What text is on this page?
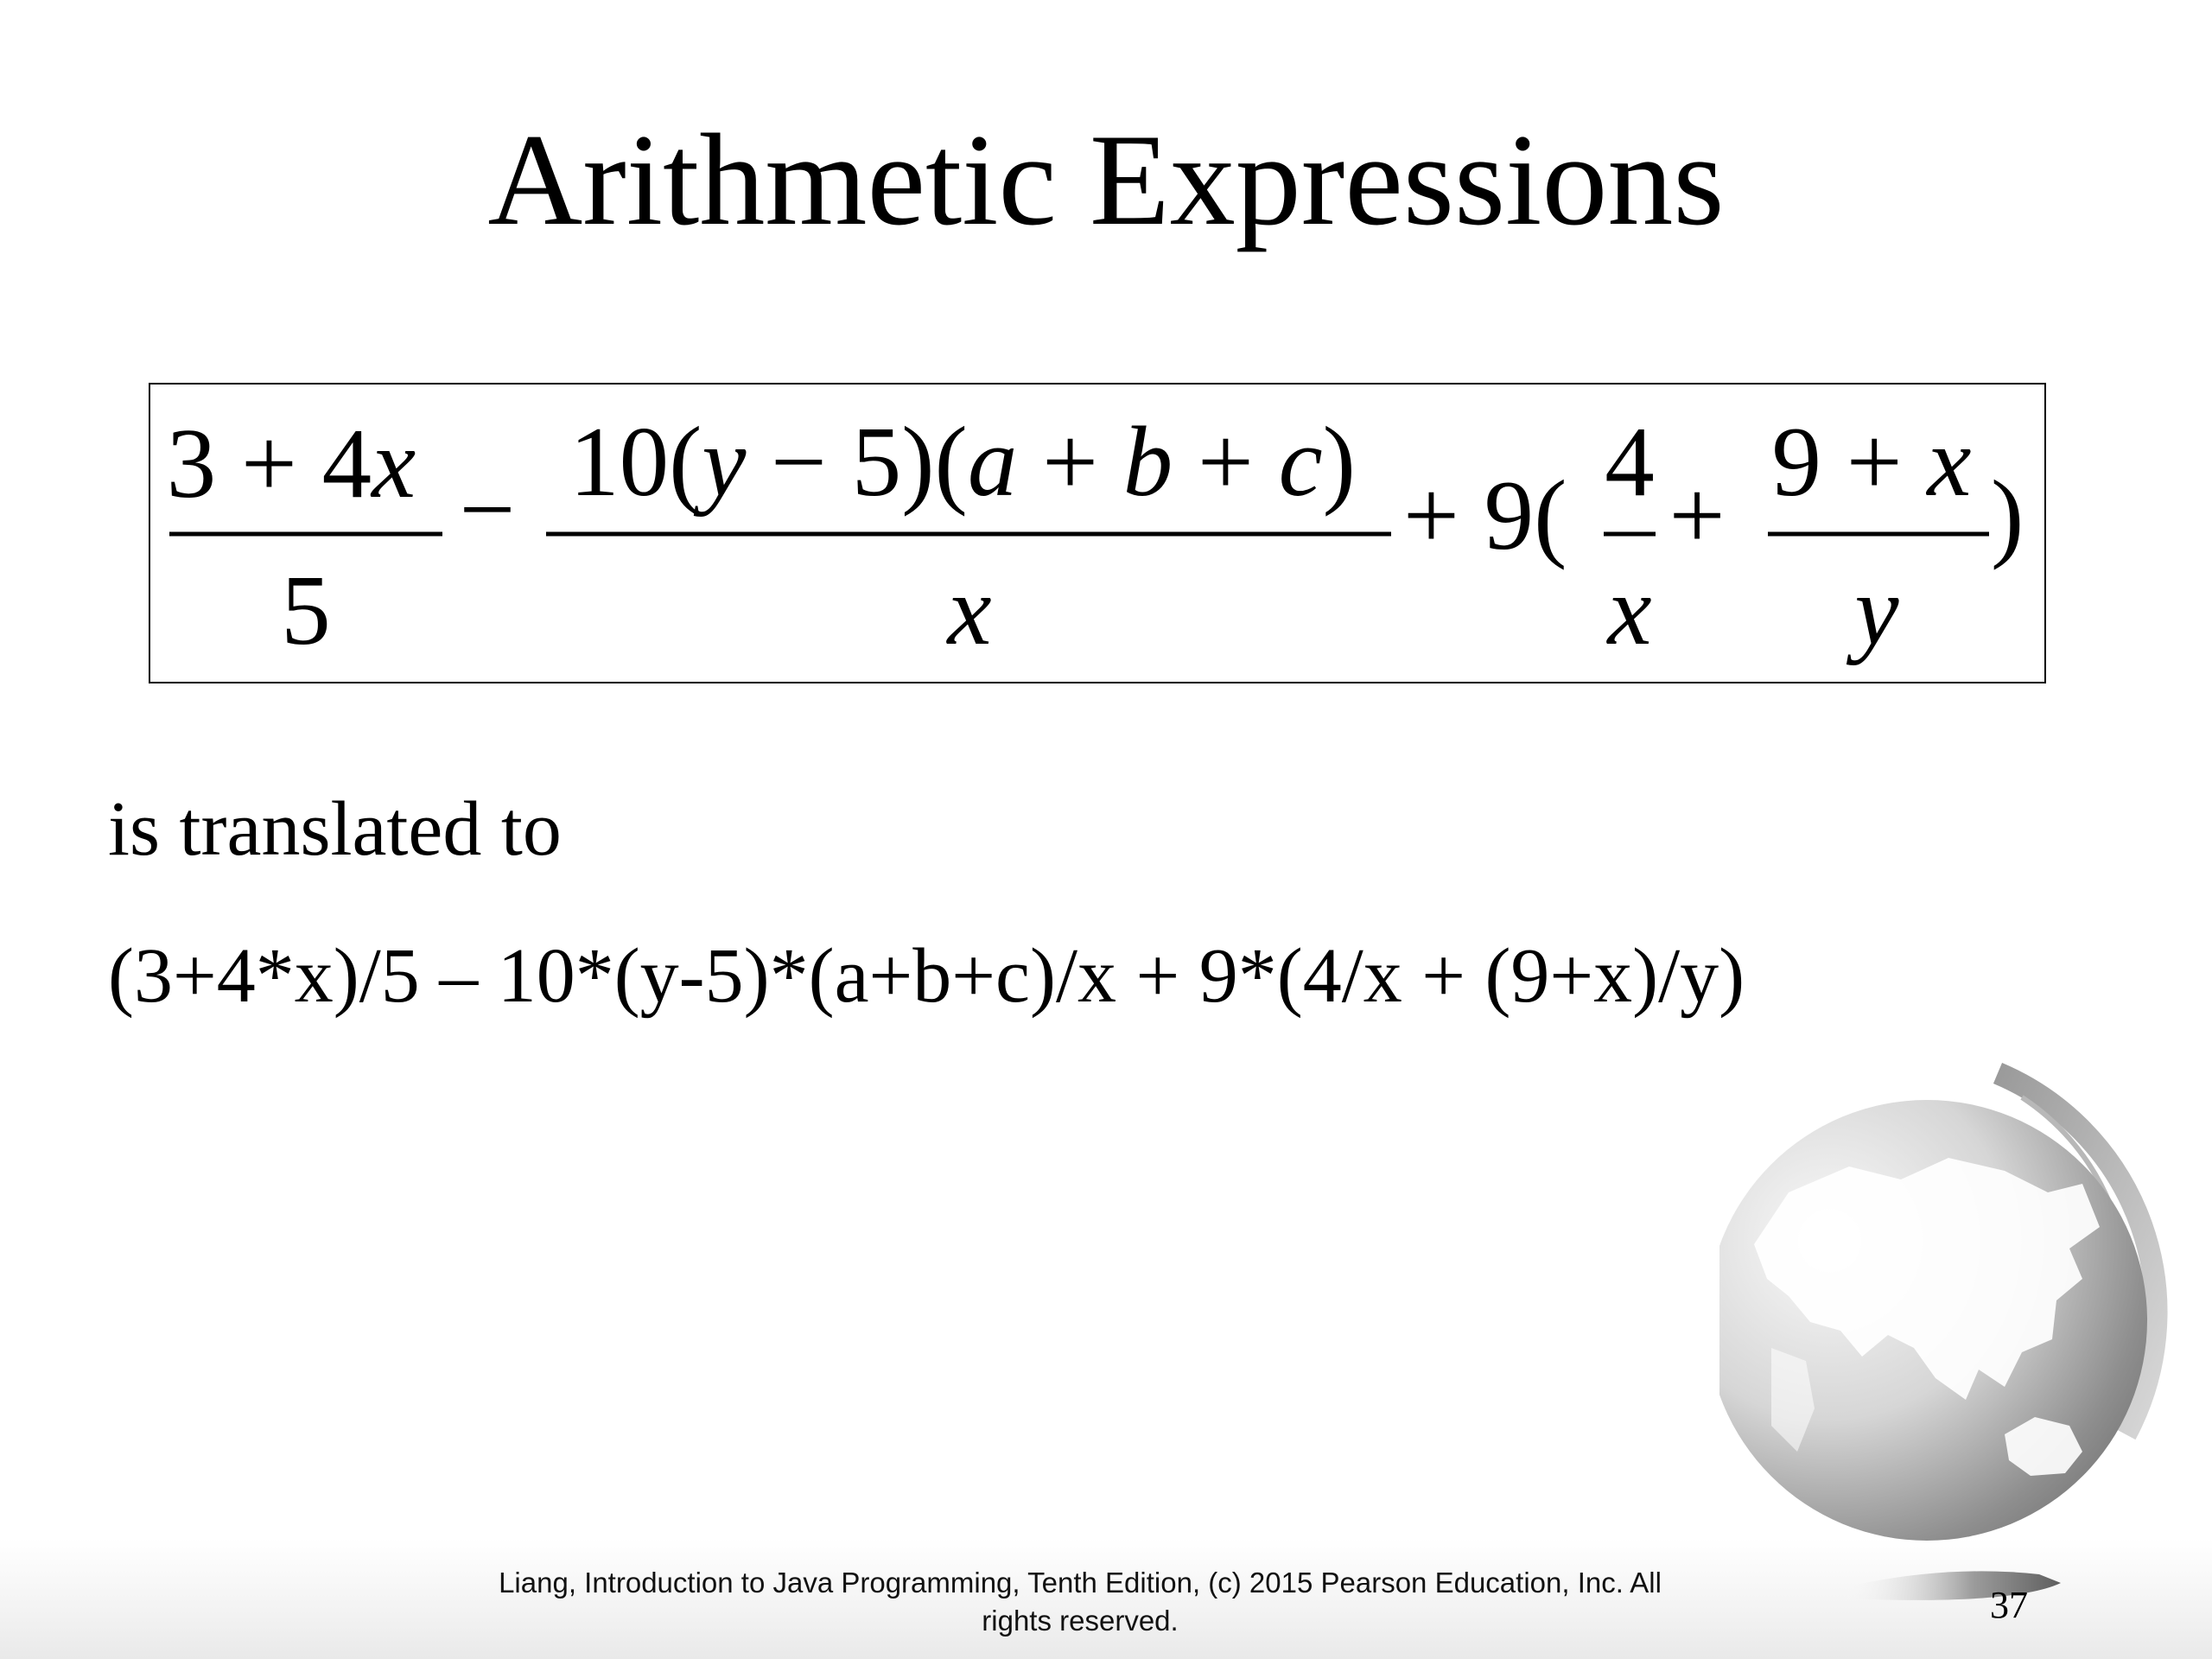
Arithmetic Expressions
3 + 4x
5
− 10(y − 5)(a + b + c)
x
+ 9( 4
x
+ 9 + x
y
)
is translated to
(3+4*x)/5 – 10*(y-5)*(a+b+c)/x + 9*(4/x + (9+x)/y)
Liang, Introduction to Java Programming, Tenth Edition, (c) 2015 Pearson Education, Inc. All
rights reserved.	37
